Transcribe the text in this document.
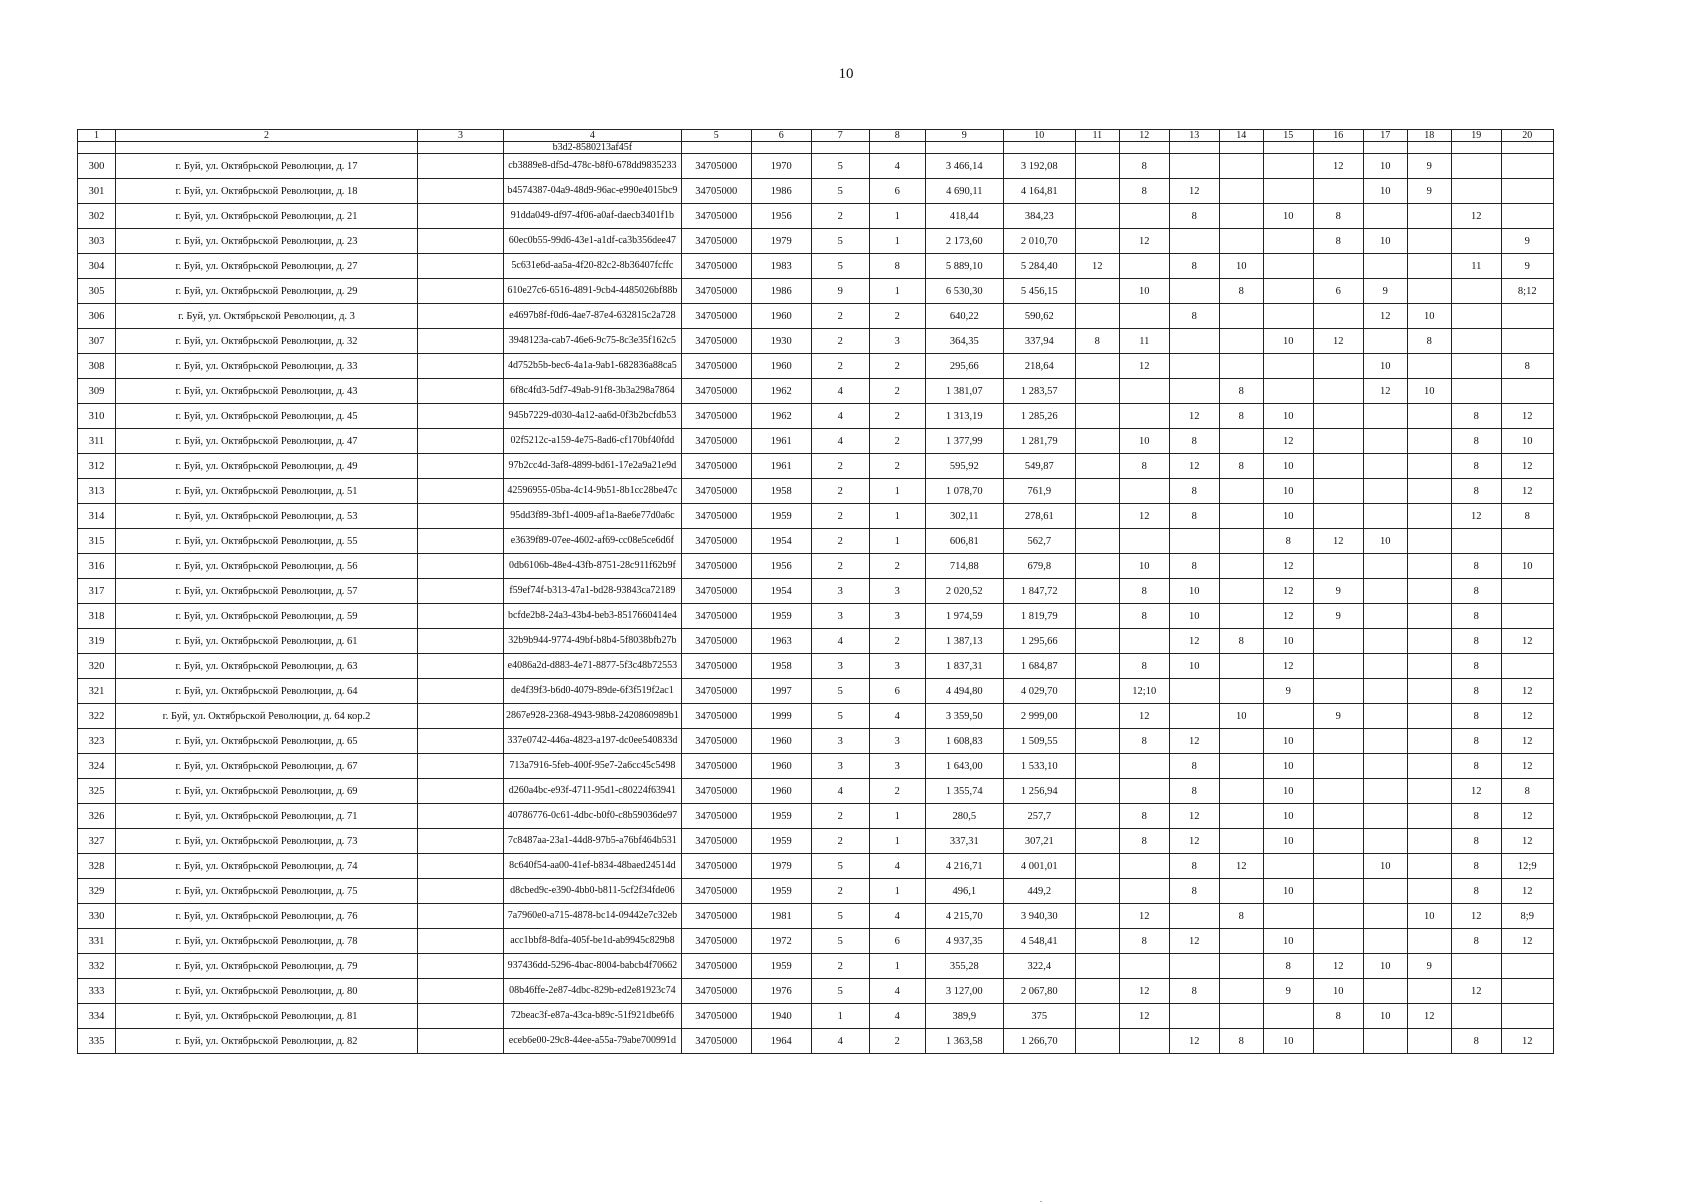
10
1	2	3	4	5	6	7	8	9	10	11	12	13	14	15	16	17	18	19	20
			b3d2-8580213af45f																
300	г. Буй, ул. Октябрьской Революции, д. 17		cb3889e8-df5d-478c-b8f0-678dd9835233	34705000	1970	5	4	3 466,14	3 192,08		8				12	10	9		
301	г. Буй, ул. Октябрьской Революции, д. 18		b4574387-04a9-48d9-96ac-e990e4015bc9	34705000	1986	5	6	4 690,11	4 164,81		8	12				10	9		
302	г. Буй, ул. Октябрьской Революции, д. 21		91dda049-df97-4f06-a0af-daecb3401f1b	34705000	1956	2	1	418,44	384,23			8		10	8			12	
303	г. Буй, ул. Октябрьской Революции, д. 23		60ec0b55-99d6-43e1-a1df-ca3b356dee47	34705000	1979	5	1	2 173,60	2 010,70		12				8	10			9
304	г. Буй, ул. Октябрьской Революции, д. 27		5c631e6d-aa5a-4f20-82c2-8b36407fcffc	34705000	1983	5	8	5 889,10	5 284,40	12		8	10					11	9
305	г. Буй, ул. Октябрьской Революции, д. 29		610e27c6-6516-4891-9cb4-4485026bf88b	34705000	1986	9	1	6 530,30	5 456,15		10		8		6	9			8;12
306	г. Буй, ул. Октябрьской Революции, д. 3		e4697b8f-f0d6-4ae7-87e4-632815c2a728	34705000	1960	2	2	640,22	590,62			8				12	10		
307	г. Буй, ул. Октябрьской Революции, д. 32		3948123a-cab7-46e6-9c75-8c3e35f162c5	34705000	1930	2	3	364,35	337,94	8	11			10	12		8		
308	г. Буй, ул. Октябрьской Революции, д. 33		4d752b5b-bec6-4a1a-9ab1-682836a88ca5	34705000	1960	2	2	295,66	218,64		12					10			8
309	г. Буй, ул. Октябрьской Революции, д. 43		6f8c4fd3-5df7-49ab-91f8-3b3a298a7864	34705000	1962	4	2	1 381,07	1 283,57				8			12	10		
310	г. Буй, ул. Октябрьской Революции, д. 45		945b7229-d030-4a12-aa6d-0f3b2bcfdb53	34705000	1962	4	2	1 313,19	1 285,26			12	8	10				8	12
311	г. Буй, ул. Октябрьской Революции, д. 47		02f5212c-a159-4e75-8ad6-cf170bf40fdd	34705000	1961	4	2	1 377,99	1 281,79		10	8		12				8	10
312	г. Буй, ул. Октябрьской Революции, д. 49		97b2cc4d-3af8-4899-bd61-17e2a9a21e9d	34705000	1961	2	2	595,92	549,87		8	12	8	10				8	12
313	г. Буй, ул. Октябрьской Революции, д. 51		42596955-05ba-4c14-9b51-8b1cc28be47c	34705000	1958	2	1	1 078,70	761,9			8		10				8	12
314	г. Буй, ул. Октябрьской Революции, д. 53		95dd3f89-3bf1-4009-af1a-8ae6e77d0a6c	34705000	1959	2	1	302,11	278,61		12	8		10				12	8
315	г. Буй, ул. Октябрьской Революции, д. 55		e3639f89-07ee-4602-af69-cc08e5ce6d6f	34705000	1954	2	1	606,81	562,7					8	12	10			
316	г. Буй, ул. Октябрьской Революции, д. 56		0db6106b-48e4-43fb-8751-28c911f62b9f	34705000	1956	2	2	714,88	679,8		10	8		12				8	10
317	г. Буй, ул. Октябрьской Революции, д. 57		f59ef74f-b313-47a1-bd28-93843ca72189	34705000	1954	3	3	2 020,52	1 847,72		8	10		12	9			8	
318	г. Буй, ул. Октябрьской Революции, д. 59		bcfde2b8-24a3-43b4-beb3-8517660414e4	34705000	1959	3	3	1 974,59	1 819,79		8	10		12	9			8	
319	г. Буй, ул. Октябрьской Революции, д. 61		32b9b944-9774-49bf-b8b4-5f8038bfb27b	34705000	1963	4	2	1 387,13	1 295,66			12	8	10				8	12
320	г. Буй, ул. Октябрьской Революции, д. 63		e4086a2d-d883-4e71-8877-5f3c48b72553	34705000	1958	3	3	1 837,31	1 684,87		8	10		12				8	
321	г. Буй, ул. Октябрьской Революции, д. 64		de4f39f3-b6d0-4079-89de-6f3f519f2ac1	34705000	1997	5	6	4 494,80	4 029,70		12;10			9				8	12
322	г. Буй, ул. Октябрьской Революции, д. 64 кор.2		2867e928-2368-4943-98b8-2420860989b1	34705000	1999	5	4	3 359,50	2 999,00		12		10		9			8	12
323	г. Буй, ул. Октябрьской Революции, д. 65		337e0742-446a-4823-a197-dc0ee540833d	34705000	1960	3	3	1 608,83	1 509,55		8	12		10				8	12
324	г. Буй, ул. Октябрьской Революции, д. 67		713a7916-5feb-400f-95e7-2a6cc45c5498	34705000	1960	3	3	1 643,00	1 533,10			8		10				8	12
325	г. Буй, ул. Октябрьской Революции, д. 69		d260a4bc-e93f-4711-95d1-c80224f63941	34705000	1960	4	2	1 355,74	1 256,94			8		10				12	8
326	г. Буй, ул. Октябрьской Революции, д. 71		40786776-0c61-4dbc-b0f0-c8b59036de97	34705000	1959	2	1	280,5	257,7		8	12		10				8	12
327	г. Буй, ул. Октябрьской Революции, д. 73		7c8487aa-23a1-44d8-97b5-a76bf464b531	34705000	1959	2	1	337,31	307,21		8	12		10				8	12
328	г. Буй, ул. Октябрьской Революции, д. 74		8c640f54-aa00-41ef-b834-48baed24514d	34705000	1979	5	4	4 216,71	4 001,01			8	12			10		8	12;9
329	г. Буй, ул. Октябрьской Революции, д. 75		d8cbed9c-e390-4bb0-b811-5cf2f34fde06	34705000	1959	2	1	496,1	449,2			8		10				8	12
330	г. Буй, ул. Октябрьской Революции, д. 76		7a7960e0-a715-4878-bc14-09442e7c32eb	34705000	1981	5	4	4 215,70	3 940,30		12		8				10	12	8;9
331	г. Буй, ул. Октябрьской Революции, д. 78		acc1bbf8-8dfa-405f-be1d-ab9945c829b8	34705000	1972	5	6	4 937,35	4 548,41		8	12		10				8	12
332	г. Буй, ул. Октябрьской Революции, д. 79		937436dd-5296-4bac-8004-babcb4f70662	34705000	1959	2	1	355,28	322,4					8	12	10	9		
333	г. Буй, ул. Октябрьской Революции, д. 80		08b46ffe-2e87-4dbc-829b-ed2e81923c74	34705000	1976	5	4	3 127,00	2 067,80		12	8		9	10			12	
334	г. Буй, ул. Октябрьской Революции, д. 81		72beac3f-e87a-43ca-b89c-51f921dbe6f6	34705000	1940	1	4	389,9	375		12				8	10	12		
335	г. Буй, ул. Октябрьской Революции, д. 82		eceb6e00-29c8-44ee-a55a-79abe700991d	34705000	1964	4	2	1 363,58	1 266,70			12	8	10				8	12
.
